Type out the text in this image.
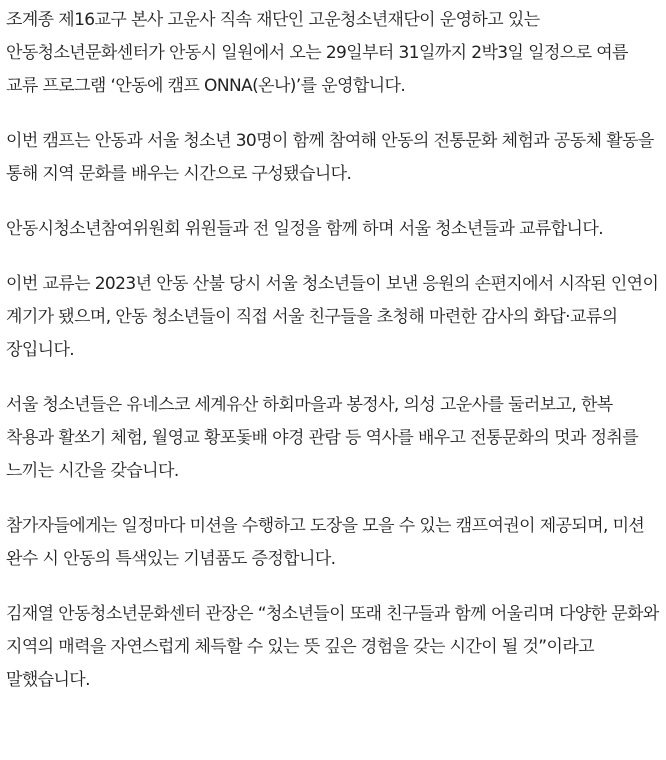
조계종 제16교구 본사 고운사 직속 재단인 고운청소년재단이 운영하고 있는 안동청소년문화센터가 안동시 일원에서 오는 29일부터 31일까지 2박3일 일정으로 여름 교류 프로그램 ‘안동에 캠프 ONNA(온나)’를 운영합니다.

이번 캠프는 안동과 서울 청소년 30명이 함께 참여해 안동의 전통문화 체험과 공동체 활동을 통해 지역 문화를 배우는 시간으로 구성됐습니다.

안동시청소년참여위원회 위원들과 전 일정을 함께 하며 서울 청소년들과 교류합니다.

이번 교류는 2023년 안동 산불 당시 서울 청소년들이 보낸 응원의 손편지에서 시작된 인연이 계기가 됐으며, 안동 청소년들이 직접 서울 친구들을 초청해 마련한 감사의 화답·교류의 장입니다.

서울 청소년들은 유네스코 세계유산 하회마을과 봉정사, 의성 고운사를 둘러보고, 한복 착용과 활쏘기 체험, 월영교 황포돛배 야경 관람 등 역사를 배우고 전통문화의 멋과 정취를 느끼는 시간을 갖습니다.

참가자들에게는 일정마다 미션을 수행하고 도장을 모을 수 있는 캠프여권이 제공되며, 미션 완수 시 안동의 특색있는 기념품도 증정합니다.

김재열 안동청소년문화센터 관장은 “청소년들이 또래 친구들과 함께 어울리며 다양한 문화와 지역의 매력을 자연스럽게 체득할 수 있는 뜻 깊은 경험을 갖는 시간이 될 것”이라고 말했습니다.
